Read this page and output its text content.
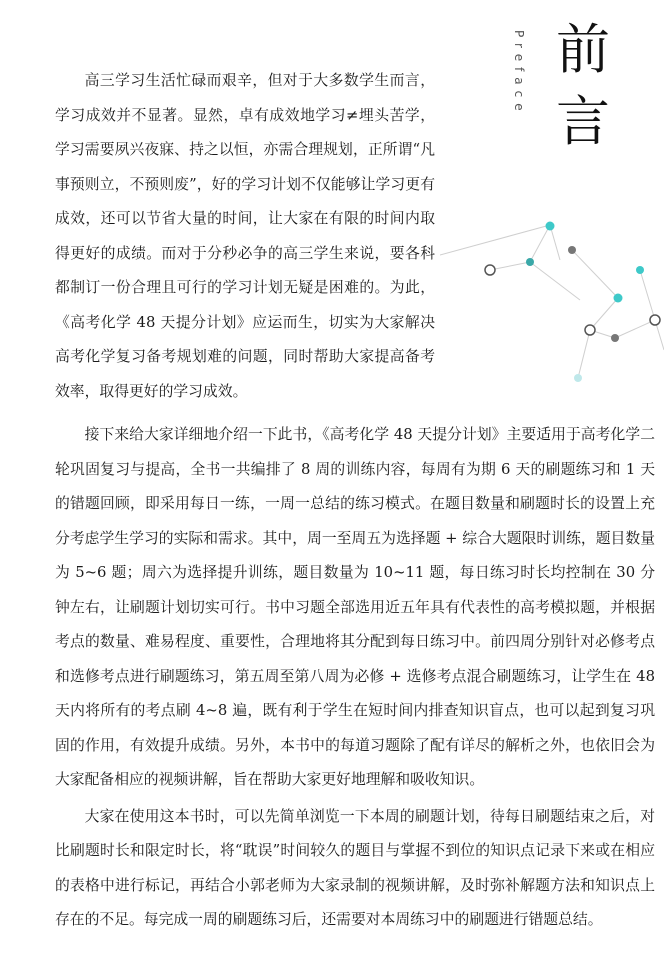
前
言
Preface

高三学习生活忙碌而艰辛，但对于大多数学生而言，学习成效并不显著。显然，卓有成效地学习≠埋头苦学，学习需要夙兴夜寐、持之以恒，亦需合理规划，正所谓“凡事预则立，不预则废”，好的学习计划不仅能够让学习更有成效，还可以节省大量的时间，让大家在有限的时间内取得更好的成绩。而对于分秒必争的高三学生来说，要各科都制订一份合理且可行的学习计划无疑是困难的。为此，《高考化学 48 天提分计划》应运而生，切实为大家解决高考化学复习备考规划难的问题，同时帮助大家提高备考效率，取得更好的学习成效。

接下来给大家详细地介绍一下此书，《高考化学 48 天提分计划》主要适用于高考化学二轮巩固复习与提高，全书一共编排了 8 周的训练内容，每周有为期 6 天的刷题练习和 1 天的错题回顾，即采用每日一练，一周一总结的练习模式。在题目数量和刷题时长的设置上充分考虑学生学习的实际和需求。其中，周一至周五为选择题 + 综合大题限时训练，题目数量为 5~6 题；周六为选择提升训练，题目数量为 10~11 题，每日练习时长均控制在 30 分钟左右，让刷题计划切实可行。书中习题全部选用近五年具有代表性的高考模拟题，并根据考点的数量、难易程度、重要性，合理地将其分配到每日练习中。前四周分别针对必修考点和选修考点进行刷题练习，第五周至第八周为必修 + 选修考点混合刷题练习，让学生在 48 天内将所有的考点刷 4~8 遍，既有利于学生在短时间内排查知识盲点，也可以起到复习巩固的作用，有效提升成绩。另外，本书中的每道习题除了配有详尽的解析之外，也依旧会为大家配备相应的视频讲解，旨在帮助大家更好地理解和吸收知识。

大家在使用这本书时，可以先简单浏览一下本周的刷题计划，待每日刷题结束之后，对比刷题时长和限定时长，将“耽误”时间较久的题目与掌握不到位的知识点记录下来或在相应的表格中进行标记，再结合小郭老师为大家录制的视频讲解，及时弥补解题方法和知识点上存在的不足。每完成一周的刷题练习后，还需要对本周练习中的刷题进行错题总结。
